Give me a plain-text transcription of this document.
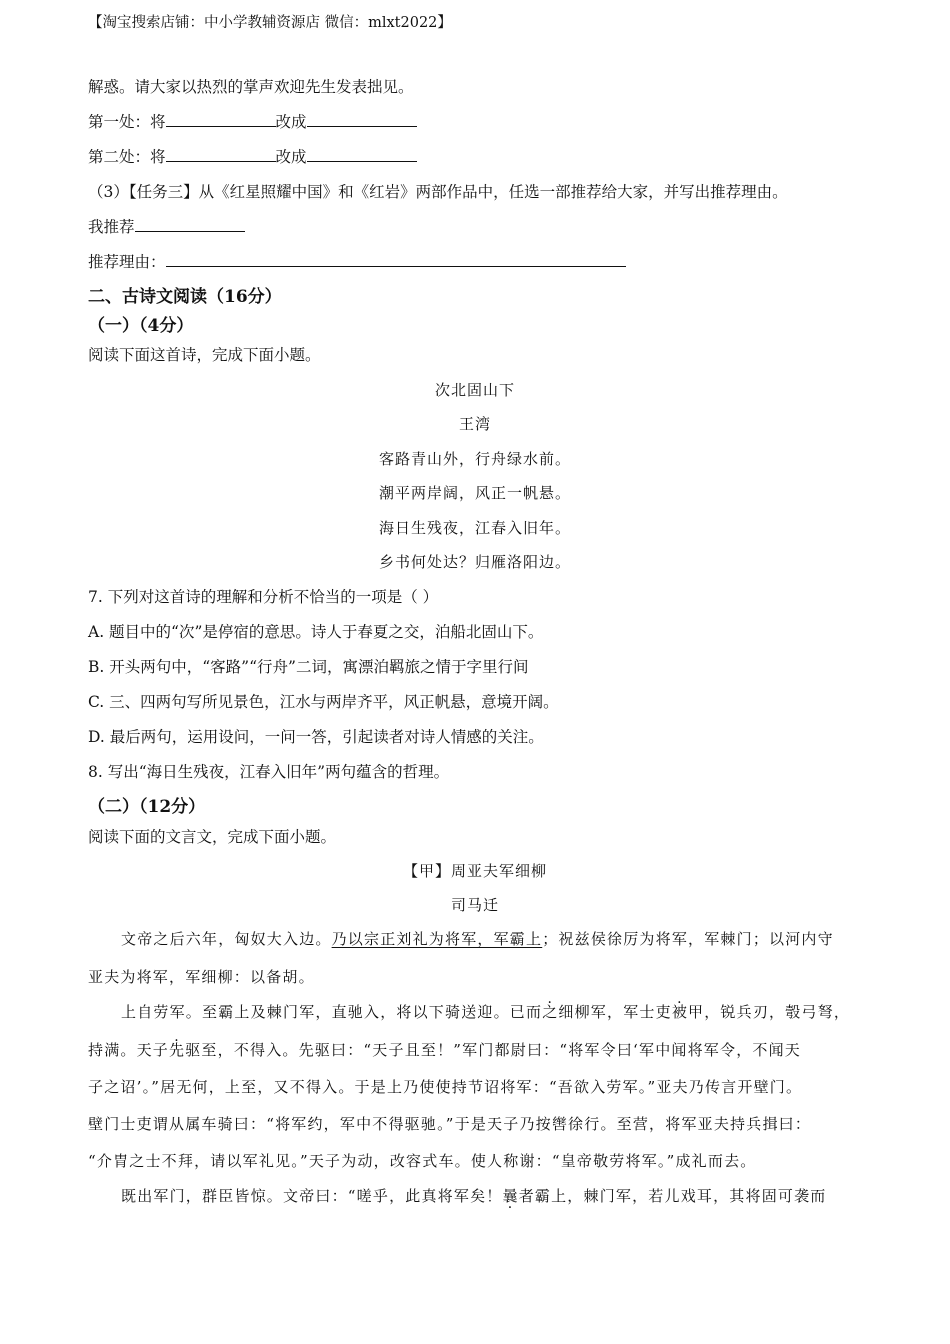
【淘宝搜索店铺：中小学教辅资源店 微信：mlxt2022】
解惑。请大家以热烈的掌声欢迎先生发表拙见。
第一处：将	改成
第二处：将	改成
（3）【任务三】从《红星照耀中国》和《红岩》两部作品中，任选一部推荐给大家，并写出推荐理由。
我推荐
推荐理由：
二、古诗文阅读（16分）
（一）（4分）
阅读下面这首诗，完成下面小题。
次北固山下
王湾
客路青山外，行舟绿水前。
潮平两岸阔，风正一帆悬。
海日生残夜，江春入旧年。
乡书何处达？归雁洛阳边。
7. 下列对这首诗的理解和分析不恰当的一项是（ ）
A. 题目中的“次”是停宿的意思。诗人于春夏之交，泊船北固山下。
B. 开头两句中，“客路”“行舟”二词，寓漂泊羁旅之情于字里行间
C. 三、四两句写所见景色，江水与两岸齐平，风正帆悬，意境开阔。
D. 最后两句，运用设问，一问一答，引起读者对诗人情感的关注。
8. 写出“海日生残夜，江春入旧年”两句蕴含的哲理。
（二）（12分）
阅读下面的文言文，完成下面小题。
【甲】周亚夫军细柳
司马迁
文帝之后六年，匈奴大入边。乃以宗正刘礼为将军，军霸上；祝兹侯徐厉为将军，军棘门；以河内守
亚夫为将军，军细柳：以备胡。
上自劳军。至霸上及棘门军，直驰入，将以下骑送迎。已而之细柳军，军士吏被甲，锐兵刃，彀弓弩，
持满。天子先驱至，不得入。先驱曰：“天子且至！”军门都尉曰：“将军令曰‘军中闻将军令，不闻天
子之诏’。”居无何，上至，又不得入。于是上乃使使持节诏将军：“吾欲入劳军。”亚夫乃传言开壁门。
壁门士吏谓从属车骑曰：“将军约，军中不得驱驰。”于是天子乃按辔徐行。至营，将军亚夫持兵揖曰：
“介胄之士不拜，请以军礼见。”天子为动，改容式车。使人称谢：“皇帝敬劳将军。”成礼而去。
既出军门，群臣皆惊。文帝曰：“嗟乎，此真将军矣！曩者霸上，棘门军，若儿戏耳，其将固可袭而
